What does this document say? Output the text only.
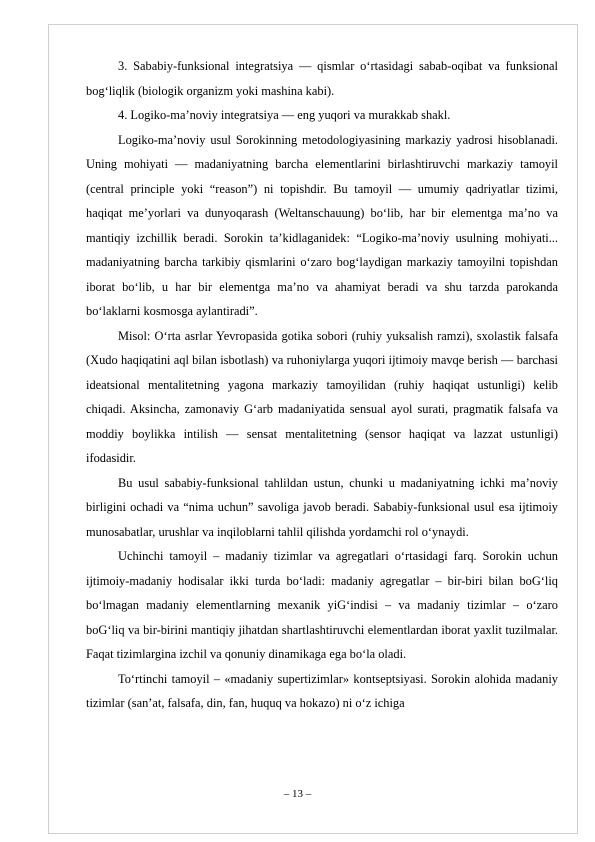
3. Sababiy-funksional integratsiya — qismlar o‘rtasidagi sabab-oqibat va funksional bog‘liqlik (biologik organizm yoki mashina kabi).

4. Logiko-ma’noviy integratsiya — eng yuqori va murakkab shakl.

Logiko-ma’noviy usul Sorokinning metodologiyasining markaziy yadrosi hisoblanadi. Uning mohiyati — madaniyatning barcha elementlarini birlashtiruvchi markaziy tamoyil (central principle yoki “reason”) ni topishdir. Bu tamoyil — umumiy qadriyatlar tizimi, haqiqat me’yorlari va dunyoqarash (Weltanschauung) bo‘lib, har bir elementga ma’no va mantiqiy izchillik beradi. Sorokin ta’kidlaganidek: “Logiko-ma’noviy usulning mohiyati... madaniyatning barcha tarkibiy qismlarini o‘zaro bog‘laydigan markaziy tamoyilni topishdan iborat bo‘lib, u har bir elementga ma’no va ahamiyat beradi va shu tarzda parokanda bo‘laklarni kosmosga aylantiradi”.

Misol: O‘rta asrlar Yevropasida gotika sobori (ruhiy yuksalish ramzi), sxolastik falsafa (Xudo haqiqatini aql bilan isbotlash) va ruhoniylarga yuqori ijtimoiy mavqe berish — barchasi ideatsional mentalitetning yagona markaziy tamoyilidan (ruhiy haqiqat ustunligi) kelib chiqadi. Aksincha, zamonaviy G‘arb madaniyatida sensual ayol surati, pragmatik falsafa va moddiy boylikka intilish — sensat mentalitetning (sensor haqiqat va lazzat ustunligi) ifodasidir.

Bu usul sababiy-funksional tahlildan ustun, chunki u madaniyatning ichki ma’noviy birligini ochadi va “nima uchun” savoliga javob beradi. Sababiy-funksional usul esa ijtimoiy munosabatlar, urushlar va inqiloblarni tahlil qilishda yordamchi rol o‘ynaydi.

Uchinchi tamoyil – madaniy tizimlar va agregatlari o‘rtasidagi farq. Sorokin uchun ijtimoiy-madaniy hodisalar ikki turda bo‘ladi: madaniy agregatlar – bir-biri bilan boG‘liq bo‘lmagan madaniy elementlarning mexanik yiG‘indisi – va madaniy tizimlar – o‘zaro boG‘liq va bir-birini mantiqiy jihatdan shartlashtiruvchi elementlardan iborat yaxlit tuzilmalar. Faqat tizimlargina izchil va qonuniy dinamikaga ega bo‘la oladi.

To‘rtinchi tamoyil – «madaniy supertizimlar» kontseptsiyasi. Sorokin alohida madaniy tizimlar (san’at, falsafa, din, fan, huquq va hokazo) ni o‘z ichiga

– 13 –
